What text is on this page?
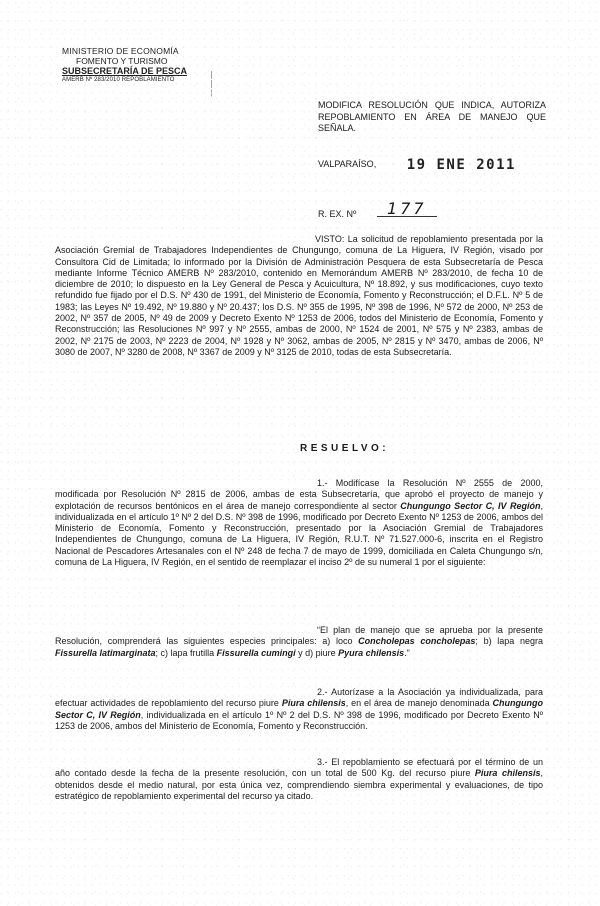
MINISTERIO DE ECONOMÍA
FOMENTO Y TURISMO
SUBSECRETARÍA DE PESCA
AMERB Nº 283/2010 REPOBLAMIENTO
|
|
¦
MODIFICA RESOLUCIÓN QUE INDICA, AUTORIZA REPOBLAMIENTO EN ÁREA DE MANEJO QUE SEÑALA.
VALPARAÍSO, 19 ENE 2011
R. EX. Nº 177
VISTO: La solicitud de repoblamiento presentada por la Asociación Gremial de Trabajadores Independientes de Chungungo, comuna de La Higuera, IV Región, visado por Consultora Cid de Limitada; lo informado por la División de Administración Pesquera de esta Subsecretaría de Pesca mediante Informe Técnico AMERB Nº 283/2010, contenido en Memorándum AMERB Nº 283/2010, de fecha 10 de diciembre de 2010; lo dispuesto en la Ley General de Pesca y Acuicultura, Nº 18.892, y sus modificaciones, cuyo texto refundido fue fijado por el D.S. Nº 430 de 1991, del Ministerio de Economía, Fomento y Reconstrucción; el D.F.L. Nº 5 de 1983; las Leyes Nº 19.492, Nº 19.880 y Nº 20.437; los D.S. Nº 355 de 1995, Nº 398 de 1996, Nº 572 de 2000, Nº 253 de 2002, Nº 357 de 2005, Nº 49 de 2009 y Decreto Exento Nº 1253 de 2006, todos del Ministerio de Economía, Fomento y Reconstrucción; las Resoluciones Nº 997 y Nº 2555, ambas de 2000, Nº 1524 de 2001, Nº 575 y Nº 2383, ambas de 2002, Nº 2175 de 2003, Nº 2223 de 2004, Nº 1928 y Nº 3062, ambas de 2005, Nº 2815 y Nº 3470, ambas de 2006, Nº 3080 de 2007, Nº 3280 de 2008, Nº 3367 de 2009 y Nº 3125 de 2010, todas de esta Subsecretaría.
RESUELVO:
1.- Modifícase la Resolución Nº 2555 de 2000, modificada por Resolución Nº 2815 de 2006, ambas de esta Subsecretaría, que aprobó el proyecto de manejo y explotación de recursos bentónicos en el área de manejo correspondiente al sector Chungungo Sector C, IV Región, individualizada en el artículo 1º Nº 2 del D.S. Nº 398 de 1996, modificado por Decreto Exento Nº 1253 de 2006, ambos del Ministerio de Economía, Fomento y Reconstrucción, presentado por la Asociación Gremial de Trabajadores Independientes de Chungungo, comuna de La Higuera, IV Región, R.U.T. Nº 71.527.000-6, inscrita en el Registro Nacional de Pescadores Artesanales con el Nº 248 de fecha 7 de mayo de 1999, domiciliada en Caleta Chungungo s/n, comuna de La Higuera, IV Región, en el sentido de reemplazar el inciso 2º de su numeral 1 por el siguiente:
“El plan de manejo que se aprueba por la presente Resolución, comprenderá las siguientes especies principales: a) loco Concholepas concholepas; b) lapa negra Fissurella latimarginata; c) lapa frutilla Fissurella cumingi y d) piure Pyura chilensis.”
2.- Autorízase a la Asociación ya individualizada, para efectuar actividades de repoblamiento del recurso piure Piura chilensis, en el área de manejo denominada Chungungo Sector C, IV Región, individualizada en el artículo 1º Nº 2 del D.S. Nº 398 de 1996, modificado por Decreto Exento Nº 1253 de 2006, ambos del Ministerio de Economía, Fomento y Reconstrucción.
3.- El repoblamiento se efectuará por el término de un año contado desde la fecha de la presente resolución, con un total de 500 Kg. del recurso piure Piura chilensis, obtenidos desde el medio natural, por esta única vez, comprendiendo siembra experimental y evaluaciones, de tipo estratégico de repoblamiento experimental del recurso ya citado.
